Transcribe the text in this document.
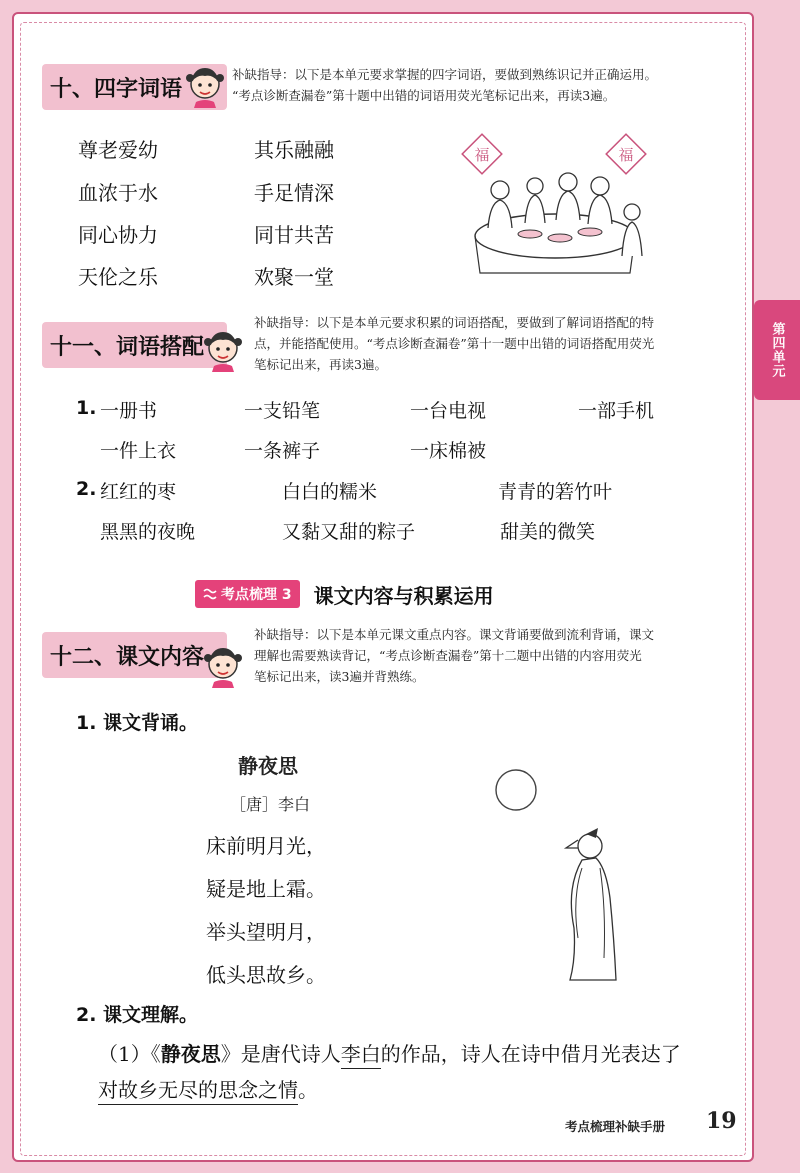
十、四字词语
补缺指导：以下是本单元要求掌握的四字词语，要做到熟练识记并正确运用。
“考点诊断查漏卷”第十题中出错的词语用荧光笔标记出来，再读3遍。
尊老爱幼	其乐融融
血浓于水	手足情深
同心协力	同甘共苦
天伦之乐	欢聚一堂
福	福
十一、词语搭配
补缺指导：以下是本单元要求积累的词语搭配，要做到了解词语搭配的特
点，并能搭配使用。“考点诊断查漏卷”第十一题中出错的词语搭配用荧光
笔标记出来，再读3遍。
1. 一册书	一支铅笔	一台电视	一部手机
一件上衣	一条裤子	一床棉被
2. 红红的枣	白白的糯米	青青的箬竹叶
黑黑的夜晚	又黏又甜的粽子	甜美的微笑
考点梳理 3 课文内容与积累运用
十二、课文内容
补缺指导：以下是本单元课文重点内容。课文背诵要做到流利背诵，课文
理解也需要熟读背记，“考点诊断查漏卷”第十二题中出错的内容用荧光
笔标记出来，读3遍并背熟练。
1. 课文背诵。
静夜思
［唐］李白
床前明月光，
疑是地上霜。
举头望明月，
低头思故乡。
2. 课文理解。
（1）《静夜思》是唐代诗人李白的作品，诗人在诗中借月光表达了
对故乡无尽的思念之情。
第四单元
考点梳理补缺手册 19
